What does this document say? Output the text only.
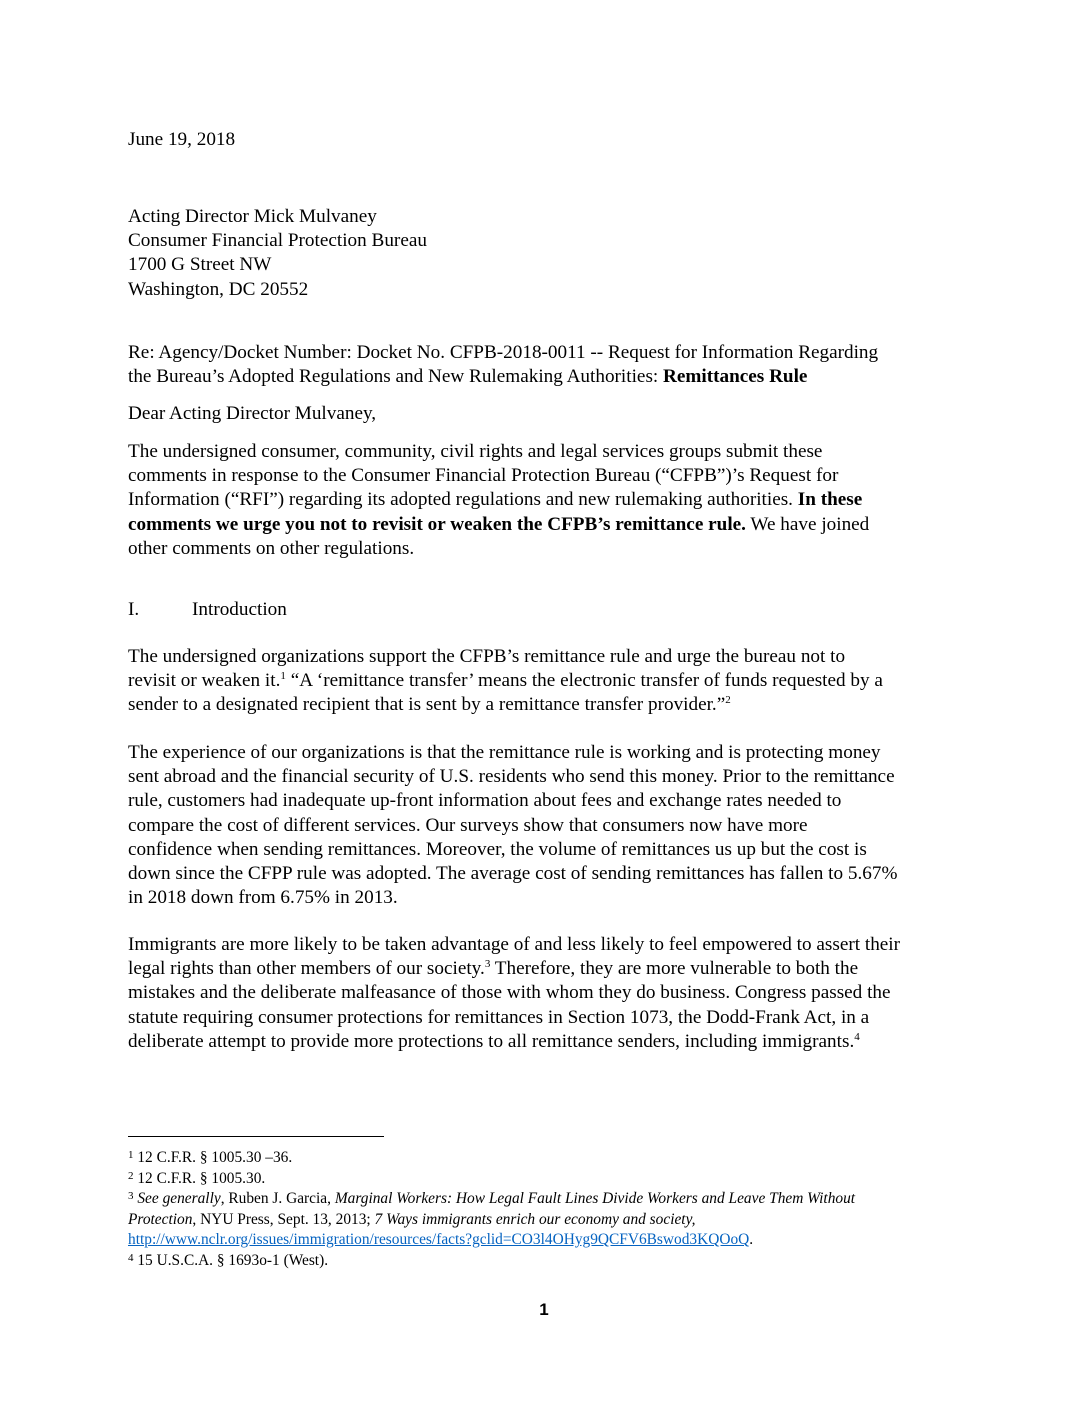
June 19, 2018
Acting Director Mick Mulvaney
Consumer Financial Protection Bureau
1700 G Street NW
Washington, DC 20552
Re: Agency/Docket Number: Docket No. CFPB-2018-0011 -- Request for Information Regarding
the Bureau’s Adopted Regulations and New Rulemaking Authorities: Remittances Rule
Dear Acting Director Mulvaney,
The undersigned consumer, community, civil rights and legal services groups submit these
comments in response to the Consumer Financial Protection Bureau (“CFPB”)’s Request for
Information (“RFI”) regarding its adopted regulations and new rulemaking authorities. In these
comments we urge you not to revisit or weaken the CFPB’s remittance rule. We have joined
other comments on other regulations.
I.	Introduction
The undersigned organizations support the CFPB’s remittance rule and urge the bureau not to
revisit or weaken it.$^1$ “A ‘remittance transfer’ means the electronic transfer of funds requested by a
sender to a designated recipient that is sent by a remittance transfer provider.”$^2$
The experience of our organizations is that the remittance rule is working and is protecting money
sent abroad and the financial security of U.S. residents who send this money. Prior to the remittance
rule, customers had inadequate up-front information about fees and exchange rates needed to
compare the cost of different services. Our surveys show that consumers now have more
confidence when sending remittances. Moreover, the volume of remittances us up but the cost is
down since the CFPP rule was adopted. The average cost of sending remittances has fallen to 5.67%
in 2018 down from 6.75% in 2013.
Immigrants are more likely to be taken advantage of and less likely to feel empowered to assert their
legal rights than other members of our society.$^3$ Therefore, they are more vulnerable to both the
mistakes and the deliberate malfeasance of those with whom they do business. Congress passed the
statute requiring consumer protections for remittances in Section 1073, the Dodd-Frank Act, in a
deliberate attempt to provide more protections to all remittance senders, including immigrants.$^4$
$^1$ 12 C.F.R. § 1005.30 –36.
$^2$ 12 C.F.R. § 1005.30.
$^3$ See generally, Ruben J. Garcia, Marginal Workers: How Legal Fault Lines Divide Workers and Leave Them Without
Protection, NYU Press, Sept. 13, 2013; 7 Ways immigrants enrich our economy and society,
http://www.nclr.org/issues/immigration/resources/facts?gclid=CO3l4OHyg9QCFV6Bswod3KQOoQ.
$^4$ 15 U.S.C.A. § 1693o-1 (West).
1
